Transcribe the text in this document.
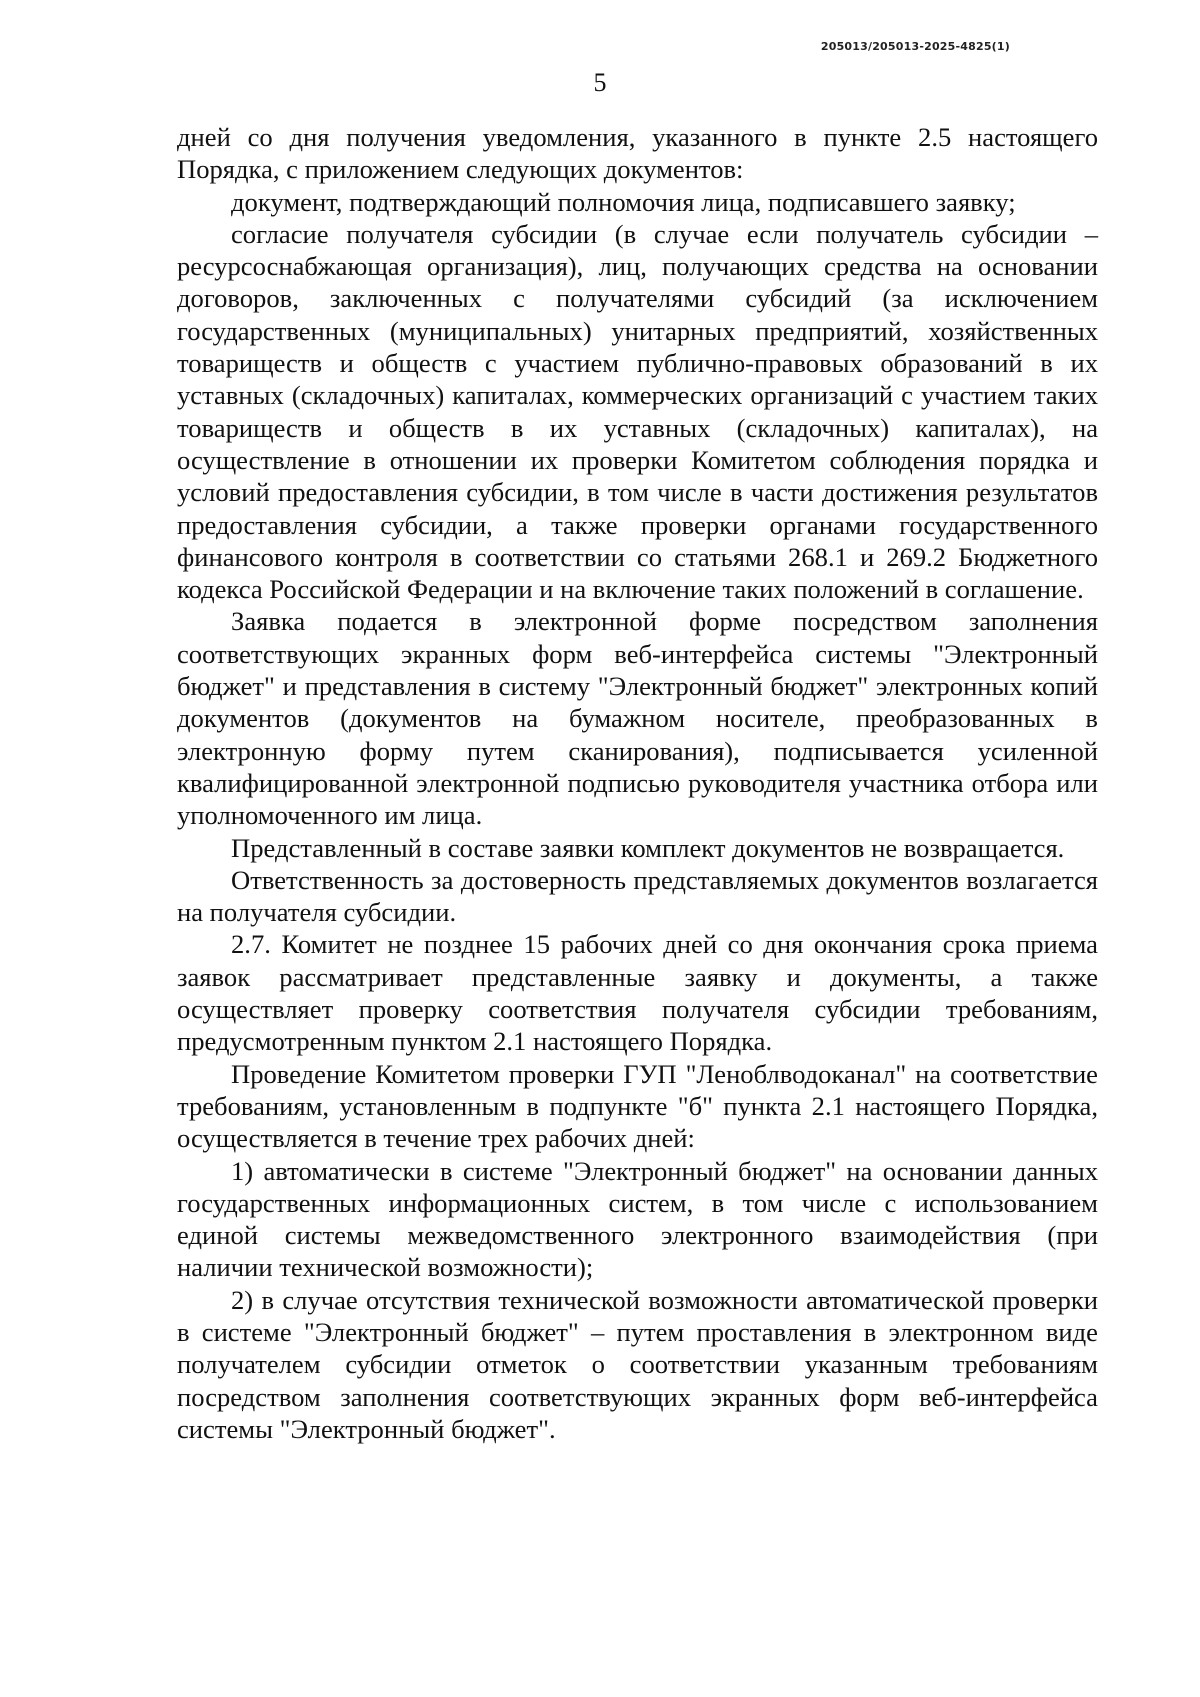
205013/205013-2025-4825(1)
5

дней со дня получения уведомления, указанного в пункте 2.5 настоящего Порядка, с приложением следующих документов:

документ, подтверждающий полномочия лица, подписавшего заявку;

согласие получателя субсидии (в случае если получатель субсидии – ресурсоснабжающая организация), лиц, получающих средства на основании договоров, заключенных с получателями субсидий (за исключением государственных (муниципальных) унитарных предприятий, хозяйственных товариществ и обществ с участием публично-правовых образований в их уставных (складочных) капиталах, коммерческих организаций с участием таких товариществ и обществ в их уставных (складочных) капиталах), на осуществление в отношении их проверки Комитетом соблюдения порядка и условий предоставления субсидии, в том числе в части достижения результатов предоставления субсидии, а также проверки органами государственного финансового контроля в соответствии со статьями 268.1 и 269.2 Бюджетного кодекса Российской Федерации и на включение таких положений в соглашение.

Заявка подается в электронной форме посредством заполнения соответствующих экранных форм веб-интерфейса системы "Электронный бюджет" и представления в систему "Электронный бюджет" электронных копий документов (документов на бумажном носителе, преобразованных в электронную форму путем сканирования), подписывается усиленной квалифицированной электронной подписью руководителя участника отбора или уполномоченного им лица.

Представленный в составе заявки комплект документов не возвращается.

Ответственность за достоверность представляемых документов возлагается на получателя субсидии.

2.7. Комитет не позднее 15 рабочих дней со дня окончания срока приема заявок рассматривает представленные заявку и документы, а также осуществляет проверку соответствия получателя субсидии требованиям, предусмотренным пунктом 2.1 настоящего Порядка.

Проведение Комитетом проверки ГУП "Леноблводоканал" на соответствие требованиям, установленным в подпункте "б" пункта 2.1 настоящего Порядка, осуществляется в течение трех рабочих дней:

1) автоматически в системе "Электронный бюджет" на основании данных государственных информационных систем, в том числе с использованием единой системы межведомственного электронного взаимодействия (при наличии технической возможности);

2) в случае отсутствия технической возможности автоматической проверки в системе "Электронный бюджет" – путем проставления в электронном виде получателем субсидии отметок о соответствии указанным требованиям посредством заполнения соответствующих экранных форм веб-интерфейса системы "Электронный бюджет".
